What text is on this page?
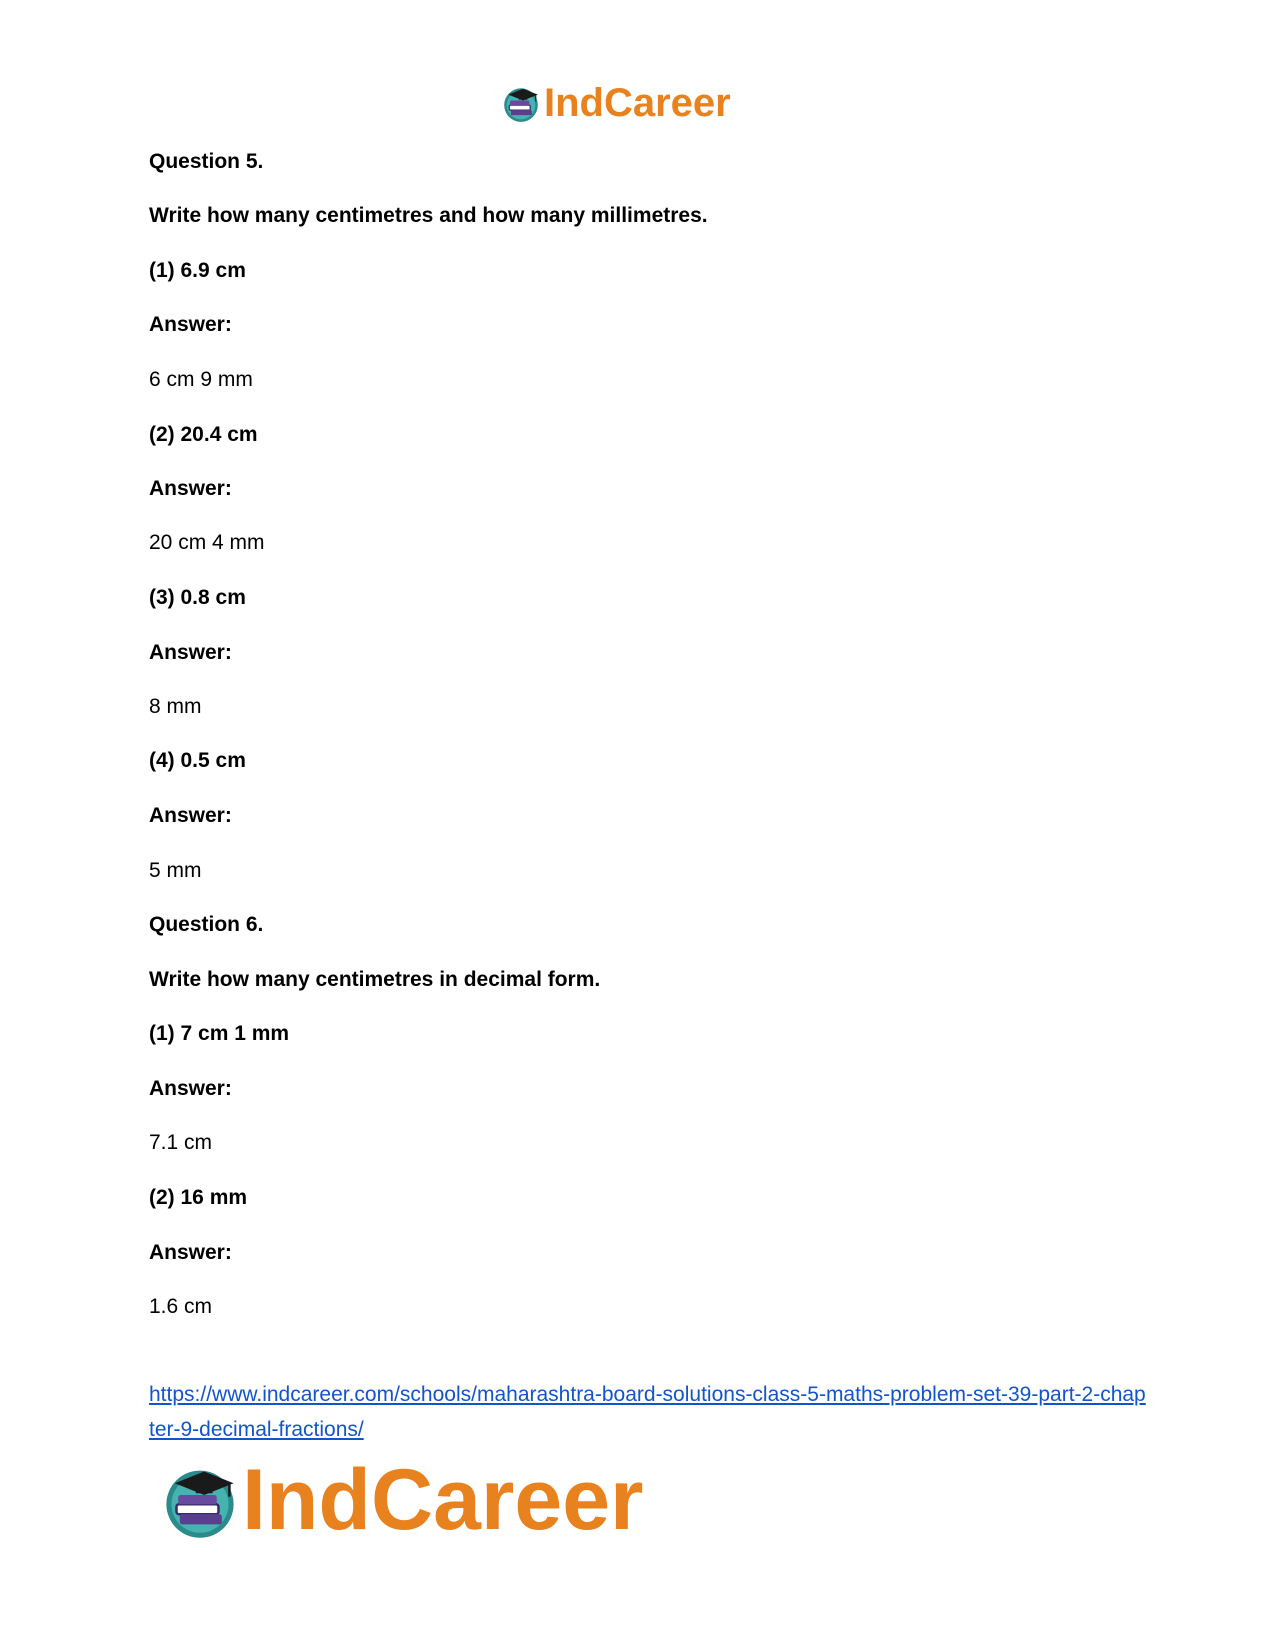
IndCareer
Question 5.
Write how many centimetres and how many millimetres.
(1) 6.9 cm
Answer:
6 cm 9 mm
(2) 20.4 cm
Answer:
20 cm 4 mm
(3) 0.8 cm
Answer:
8 mm
(4) 0.5 cm
Answer:
5 mm
Question 6.
Write how many centimetres in decimal form.
(1) 7 cm 1 mm
Answer:
7.1 cm
(2) 16 mm
Answer:
1.6 cm
https://www.indcareer.com/schools/maharashtra-board-solutions-class-5-maths-problem-set-39-part-2-chapter-9-decimal-fractions/
IndCareer
